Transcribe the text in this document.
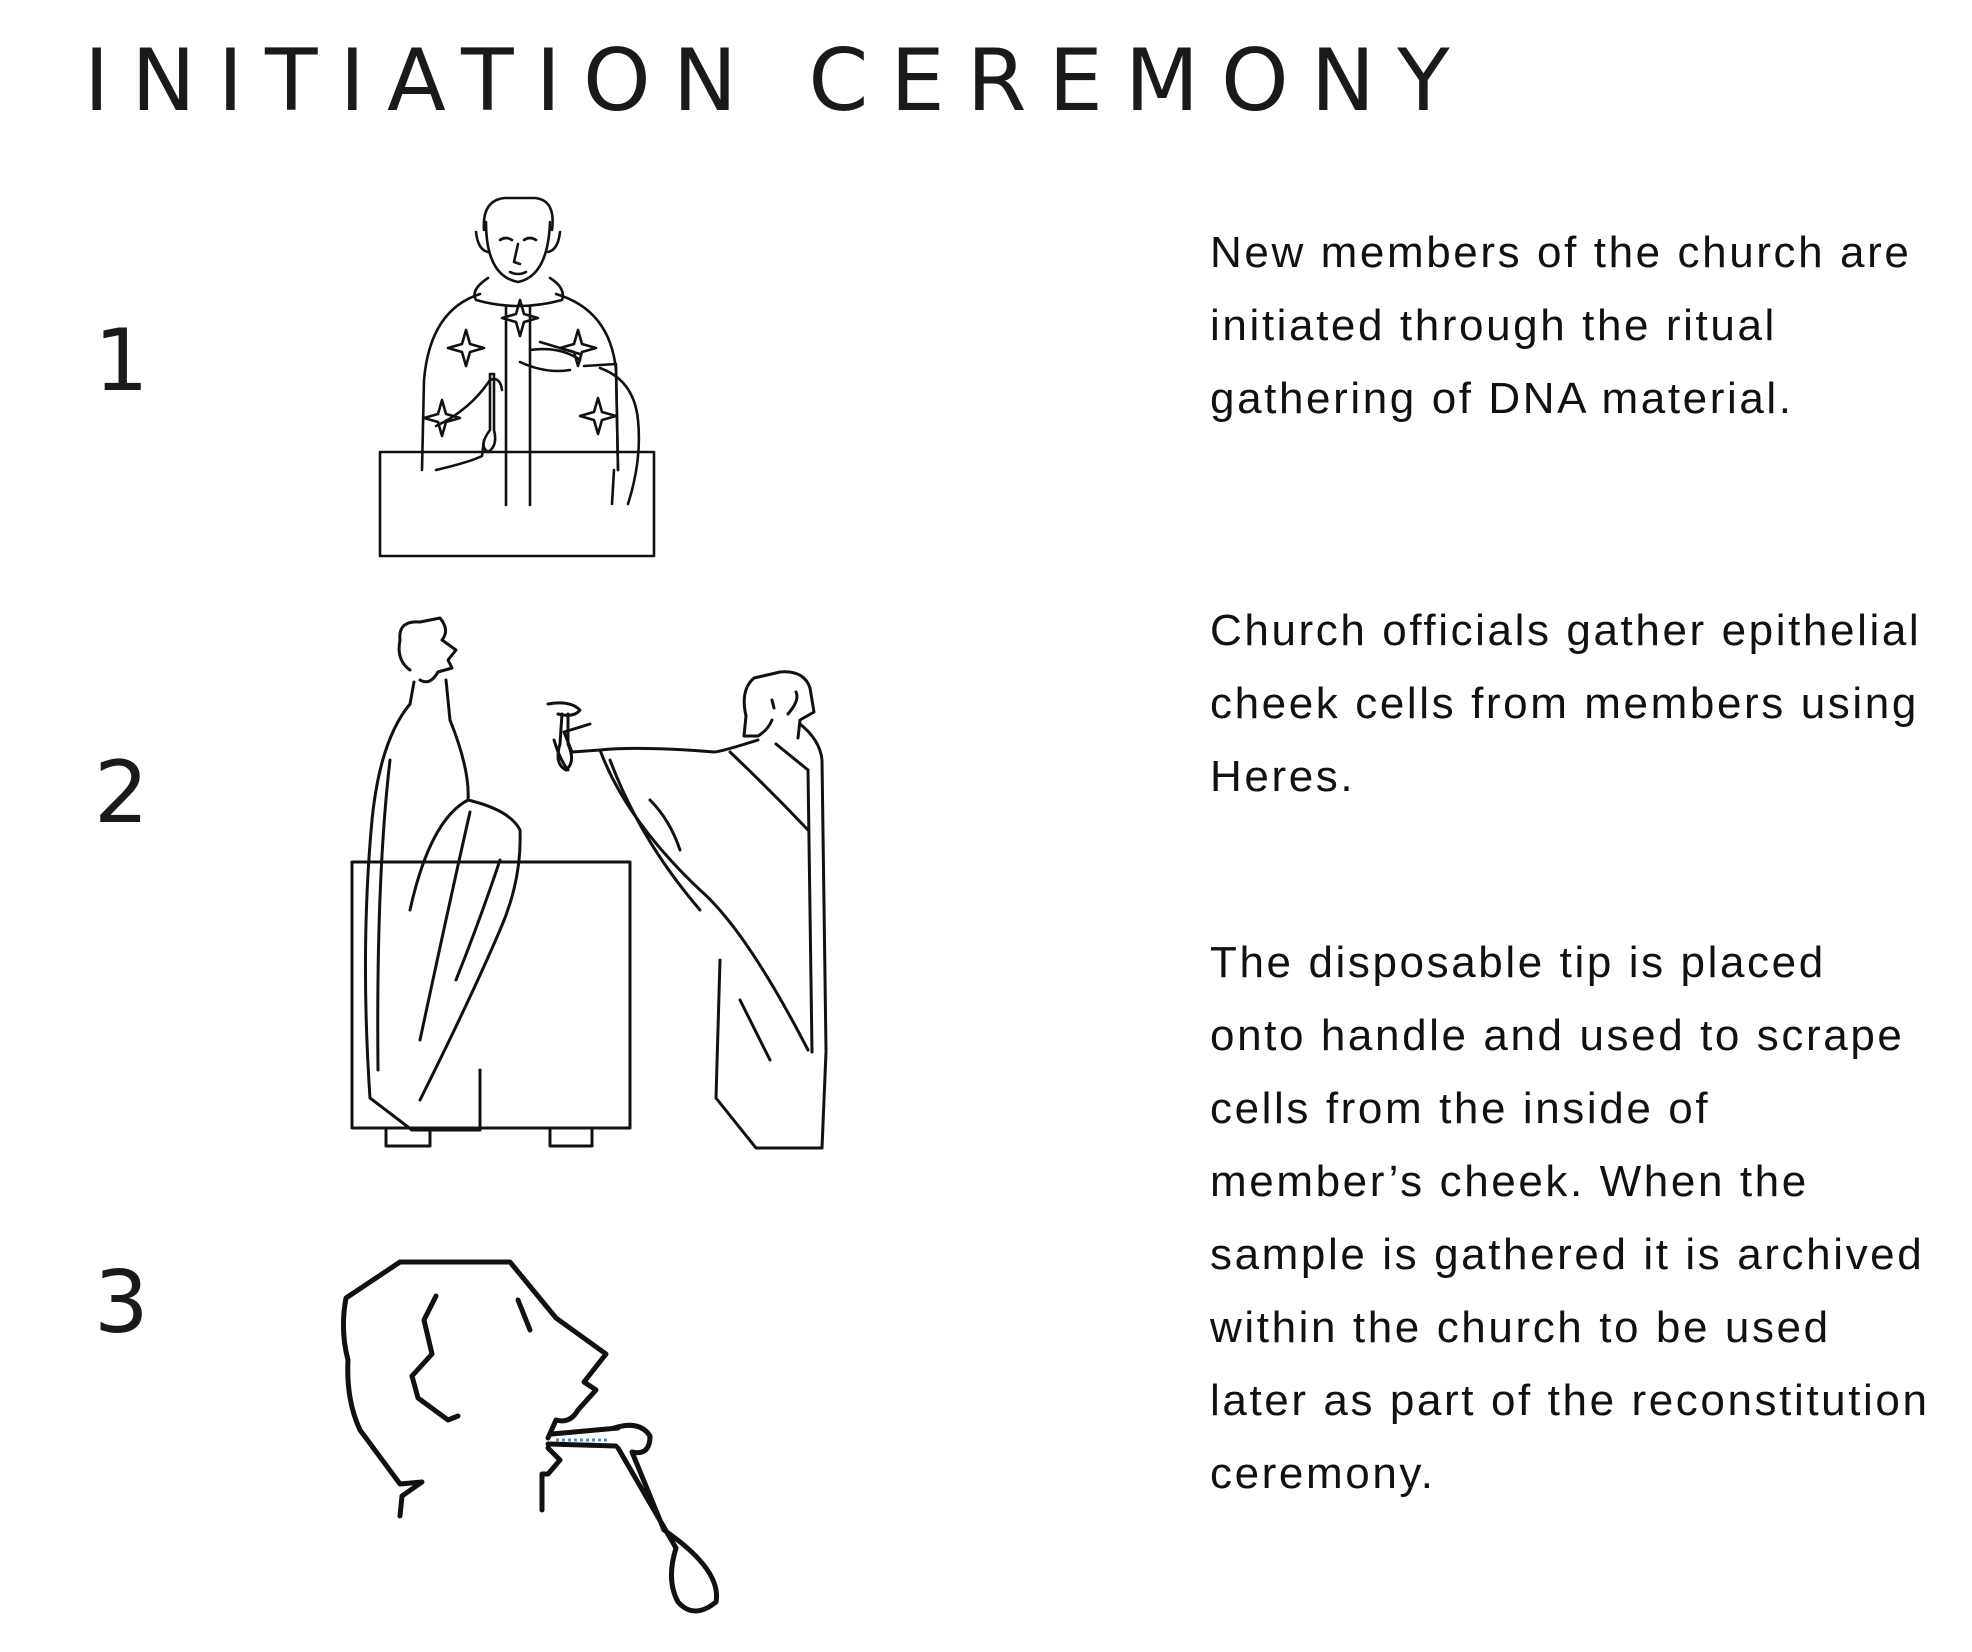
INITIATION CEREMONY
1

New members of the church are initiated through the ritual gathering of DNA material.

2

Church officials gather epithelial cheek cells from members using Heres.

3

The disposable tip is placed onto handle and used to scrape cells from the inside of member’s cheek. When the sample is gathered it is archived within the church to be used later as part of the reconstitution ceremony.
